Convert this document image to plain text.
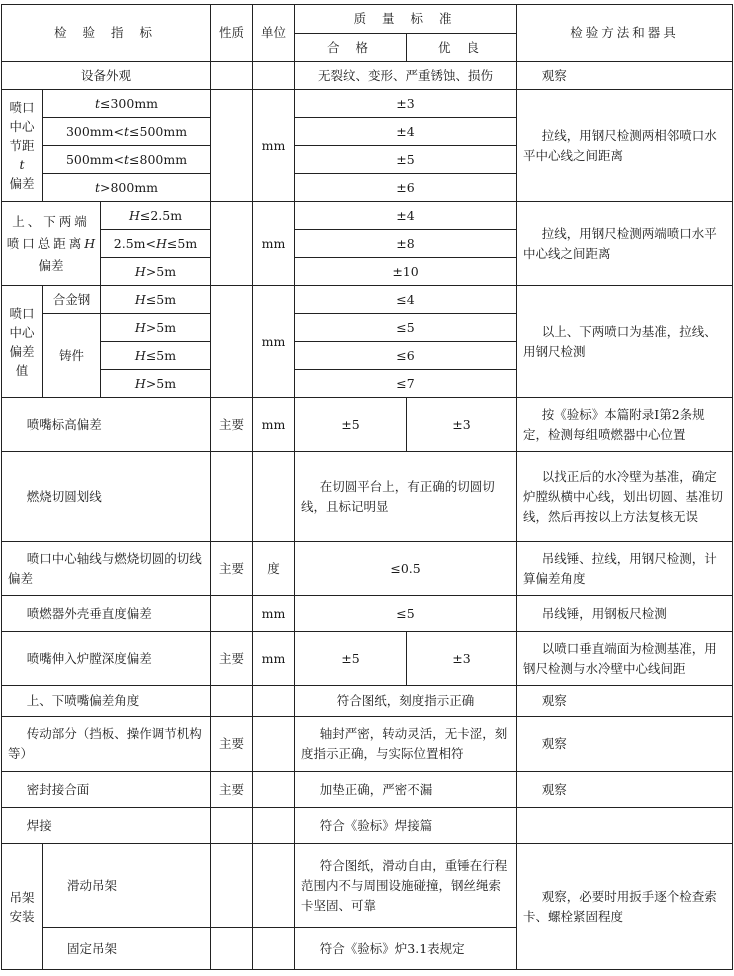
检 验 指 标			性质	单位	质 量 标 准		检验方法和器具
					合 格	优 良	
设备外观					无裂纹、变形、严重锈蚀、损伤		观察
喷口
中心
节距
t
偏差	t≤300mm			mm	±3		拉线，用钢尺检测两相邻喷口水平中心线之间距离
	300mm<t≤500mm				±4		
	500mm<t≤800mm				±5		
	t>800mm				±6		
上、下两端喷口总距离H偏差		H≤2.5m		mm	±4		拉线，用钢尺检测两端喷口水平中心线之间距离
		2.5m<H≤5m			±8		
		H>5m			±10		
喷口
中心
偏差
值	合金钢	H≤5m		mm	≤4		以上、下两喷口为基准，拉线、用钢尺检测
	铸件	H>5m			≤5		
		H≤5m			≤6		
		H>5m			≤7		
喷嘴标高偏差			主要	mm	±5	±3	按《验标》本篇附录Ⅰ第2条规定，检测每组喷燃器中心位置
燃烧切圆划线					在切圆平台上，有正确的切圆切线，且标记明显		以找正后的水冷壁为基准，确定炉膛纵横中心线，划出切圆、基准切线，然后再按以上方法复核无误
喷口中心轴线与燃烧切圆的切线偏差			主要	度	≤0.5		吊线锤、拉线，用钢尺检测，计算偏差角度
喷燃器外壳垂直度偏差				mm	≤5		吊线锤，用钢板尺检测
喷嘴伸入炉膛深度偏差			主要	mm	±5	±3	以喷口垂直端面为检测基准，用钢尺检测与水冷壁中心线间距
上、下喷嘴偏差角度					符合图纸，刻度指示正确		观察
传动部分（挡板、操作调节机构等）			主要		轴封严密，转动灵活，无卡涩，刻度指示正确，与实际位置相符		观察
密封接合面			主要		加垫正确，严密不漏		观察
焊接					符合《验标》焊接篇		
吊架
安装	滑动吊架				符合图纸，滑动自由，重锤在行程范围内不与周围设施碰撞，钢丝绳索卡坚固、可靠		观察，必要时用扳手逐个检查索卡、螺栓紧固程度
	固定吊架				符合《验标》炉3.1表规定		
